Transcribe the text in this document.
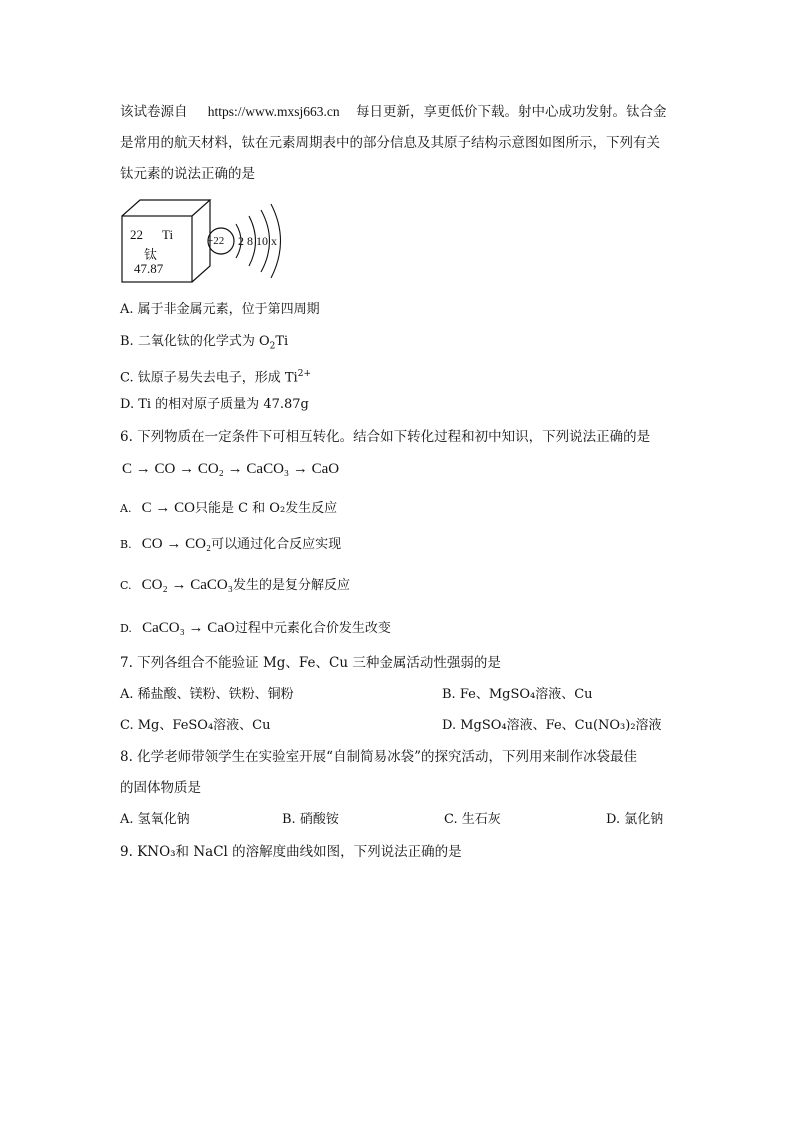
该试卷源自 https://www.mxsj663.cn 每日更新，享更低价下载。射中心成功发射。钛合金
是常用的航天材料，钛在元素周期表中的部分信息及其原子结构示意图如图所示，下列有关
钛元素的说法正确的是
22 Ti
钛
47.87
+22 2 8 10 x
A. 属于非金属元素，位于第四周期
B. 二氧化钛的化学式为 $O_2Ti$
C. 钛原子易失去电子，形成 $Ti^{2+}$
D. Ti 的相对原子质量为 47.87g
6. 下列物质在一定条件下可相互转化。结合如下转化过程和初中知识，下列说法正确的是
C → CO → CO₂ → CaCO₃ → CaO
A. C → CO只能是 C 和 O₂发生反应
B. CO → CO₂可以通过化合反应实现
C. CO₂ → CaCO₃发生的是复分解反应
D. CaCO₃ → CaO过程中元素化合价发生改变
7. 下列各组合不能验证 Mg、Fe、Cu 三种金属活动性强弱的是
A. 稀盐酸、镁粉、铁粉、铜粉	B. Fe、MgSO₄溶液、Cu
C. Mg、FeSO₄溶液、Cu	D. MgSO₄溶液、Fe、Cu(NO₃)₂溶液
8. 化学老师带领学生在实验室开展“自制简易冰袋”的探究活动，下列用来制作冰袋最佳
的固体物质是
A. 氢氧化钠	B. 硝酸铵	C. 生石灰	D. 氯化钠
9. KNO₃和 NaCl 的溶解度曲线如图，下列说法正确的是
